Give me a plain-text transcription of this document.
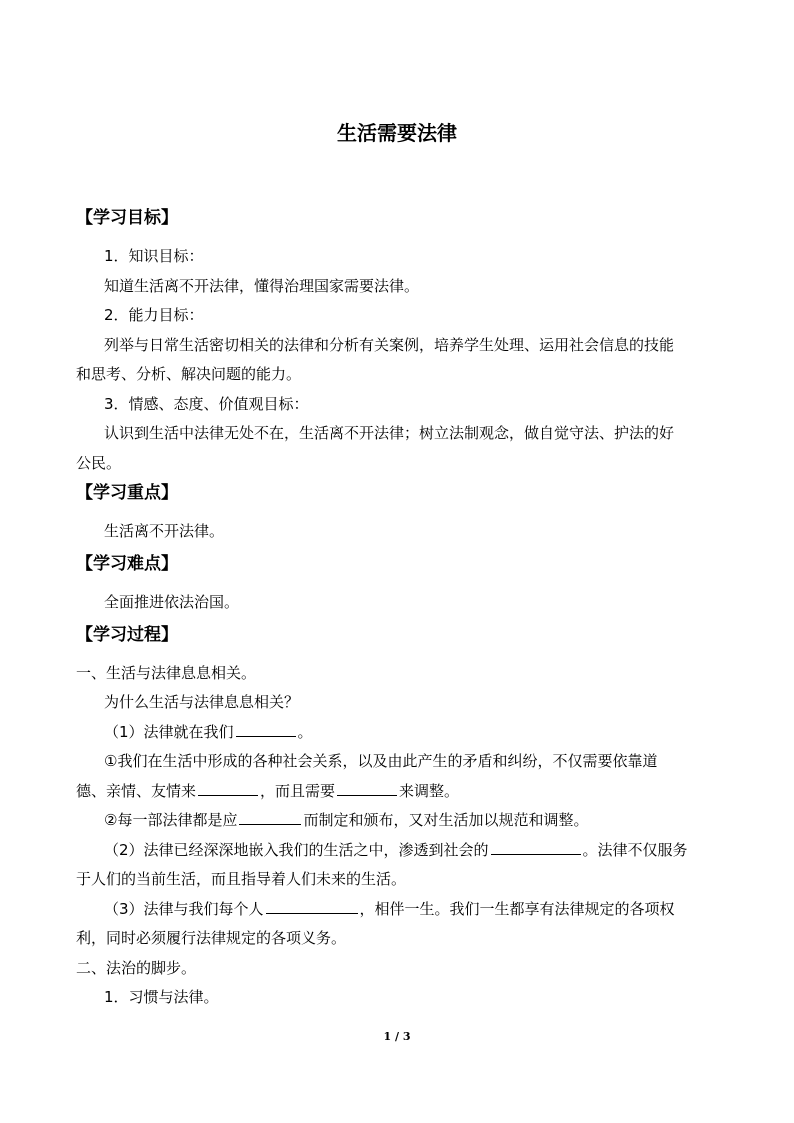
生活需要法律
【学习目标】
1．知识目标：
知道生活离不开法律，懂得治理国家需要法律。
2．能力目标：
列举与日常生活密切相关的法律和分析有关案例，培养学生处理、运用社会信息的技能
和思考、分析、解决问题的能力。
3．情感、态度、价值观目标：
认识到生活中法律无处不在，生活离不开法律；树立法制观念，做自觉守法、护法的好
公民。
【学习重点】
生活离不开法律。
【学习难点】
全面推进依法治国。
【学习过程】
一、生活与法律息息相关。
为什么生活与法律息息相关？
（1）法律就在我们	。
①我们在生活中形成的各种社会关系，以及由此产生的矛盾和纠纷，不仅需要依靠道
德、亲情、友情来	，而且需要	来调整。
②每一部法律都是应	而制定和颁布，又对生活加以规范和调整。
（2）法律已经深深地嵌入我们的生活之中，渗透到社会的	。法律不仅服务
于人们的当前生活，而且指导着人们未来的生活。
（3）法律与我们每个人	，相伴一生。我们一生都享有法律规定的各项权
利，同时必须履行法律规定的各项义务。
二、法治的脚步。
1．习惯与法律。
1 / 3
